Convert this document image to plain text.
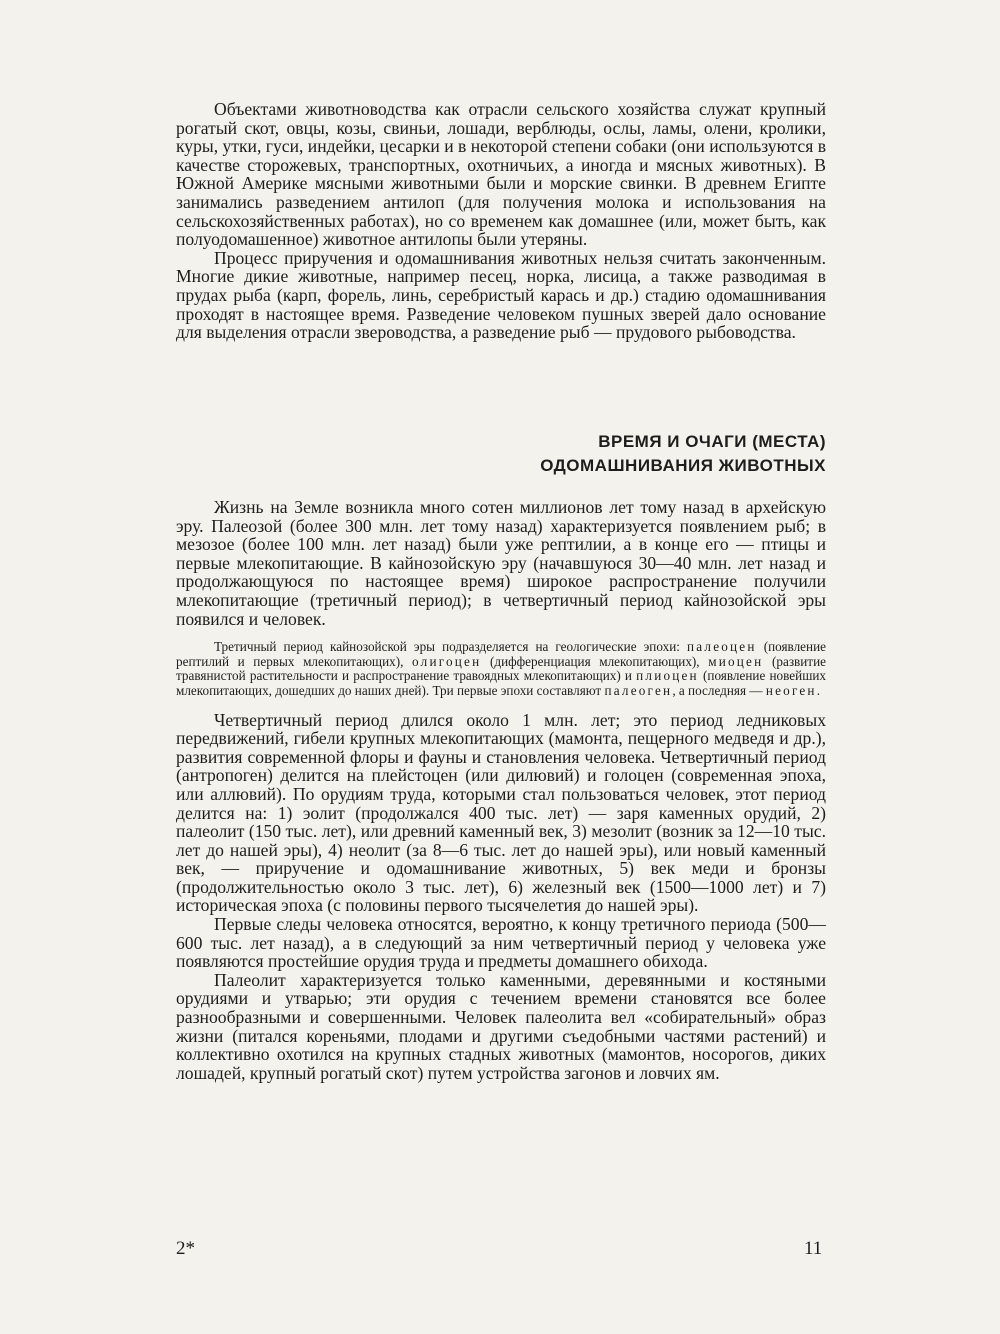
Объектами животноводства как отрасли сельского хозяйства служат крупный рогатый скот, овцы, козы, свиньи, лошади, верблюды, ослы, ламы, олени, кролики, куры, утки, гуси, индейки, цесарки и в некоторой степени собаки (они используются в качестве сторожевых, транспортных, охотничьих, а иногда и мясных животных). В Южной Америке мясными животными были и морские свинки. В древнем Египте занимались разведением антилоп (для получения молока и использования на сельскохозяйственных работах), но со временем как домашнее (или, может быть, как полуодомашенное) животное антилопы были утеряны.

Процесс приручения и одомашнивания животных нельзя считать законченным. Многие дикие животные, например песец, норка, лисица, а также разводимая в прудах рыба (карп, форель, линь, серебристый карась и др.) стадию одомашнивания проходят в настоящее время. Разведение человеком пушных зверей дало основание для выделения отрасли звероводства, а разведение рыб — прудового рыбоводства.

ВРЕМЯ И ОЧАГИ (МЕСТА)
ОДОМАШНИВАНИЯ ЖИВОТНЫХ

Жизнь на Земле возникла много сотен миллионов лет тому назад в архейскую эру. Палеозой (более 300 млн. лет тому назад) характеризуется появлением рыб; в мезозое (более 100 млн. лет назад) были уже рептилии, а в конце его — птицы и первые млекопитающие. В кайнозойскую эру (начавшуюся 30—40 млн. лет назад и продолжающуюся по настоящее время) широкое распространение получили млекопитающие (третичный период); в четвертичный период кайнозойской эры появился и человек.

Третичный период кайнозойской эры подразделяется на геологические эпохи: палеоцен (появление рептилий и первых млекопитающих), олигоцен (дифференциация млекопитающих), миоцен (развитие травянистой растительности и распространение травоядных млекопитающих) и плиоцен (появление новейших млекопитающих, дошедших до наших дней). Три первые эпохи составляют палеоген, а последняя — неоген.

Четвертичный период длился около 1 млн. лет; это период ледниковых передвижений, гибели крупных млекопитающих (мамонта, пещерного медведя и др.), развития современной флоры и фауны и становления человека. Четвертичный период (антропоген) делится на плейстоцен (или дилювий) и голоцен (современная эпоха, или аллювий). По орудиям труда, которыми стал пользоваться человек, этот период делится на: 1) эолит (продолжался 400 тыс. лет) — заря каменных орудий, 2) палеолит (150 тыс. лет), или древний каменный век, 3) мезолит (возник за 12—10 тыс. лет до нашей эры), 4) неолит (за 8—6 тыс. лет до нашей эры), или новый каменный век, — приручение и одомашнивание животных, 5) век меди и бронзы (продолжительностью около 3 тыс. лет), 6) железный век (1500—1000 лет) и 7) историческая эпоха (с половины первого тысячелетия до нашей эры).

Первые следы человека относятся, вероятно, к концу третичного периода (500—600 тыс. лет назад), а в следующий за ним четвертичный период у человека уже появляются простейшие орудия труда и предметы домашнего обихода.

Палеолит характеризуется только каменными, деревянными и костяными орудиями и утварью; эти орудия с течением времени становятся все более разнообразными и совершенными. Человек палеолита вел «собирательный» образ жизни (питался кореньями, плодами и другими съедобными частями растений) и коллективно охотился на крупных стадных животных (мамонтов, носорогов, диких лошадей, крупный рогатый скот) путем устройства загонов и ловчих ям.

2*	11
